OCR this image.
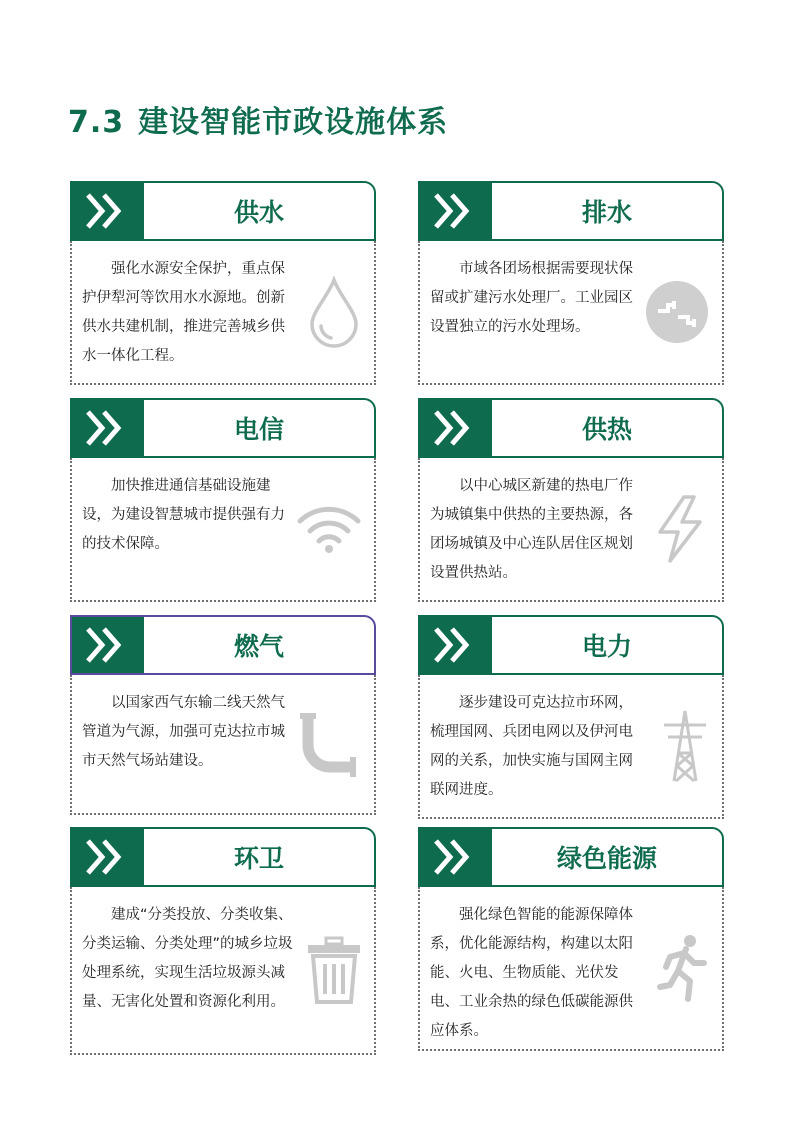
7.3 建设智能市政设施体系
供水

强化水源安全保护，重点保护伊犁河等饮用水水源地。创新供水共建机制，推进完善城乡供水一体化工程。

排水

市域各团场根据需要现状保留或扩建污水处理厂。工业园区设置独立的污水处理场。

电信

加快推进通信基础设施建设，为建设智慧城市提供强有力的技术保障。

供热

以中心城区新建的热电厂作为城镇集中供热的主要热源，各团场城镇及中心连队居住区规划设置供热站。

燃气

以国家西气东输二线天然气管道为气源，加强可克达拉市城市天然气场站建设。

电力

逐步建设可克达拉市环网，梳理国网、兵团电网以及伊河电网的关系，加快实施与国网主网联网进度。

环卫

建成“分类投放、分类收集、分类运输、分类处理”的城乡垃圾处理系统，实现生活垃圾源头减量、无害化处置和资源化利用。

绿色能源

强化绿色智能的能源保障体系，优化能源结构，构建以太阳能、火电、生物质能、光伏发电、工业余热的绿色低碳能源供应体系。
